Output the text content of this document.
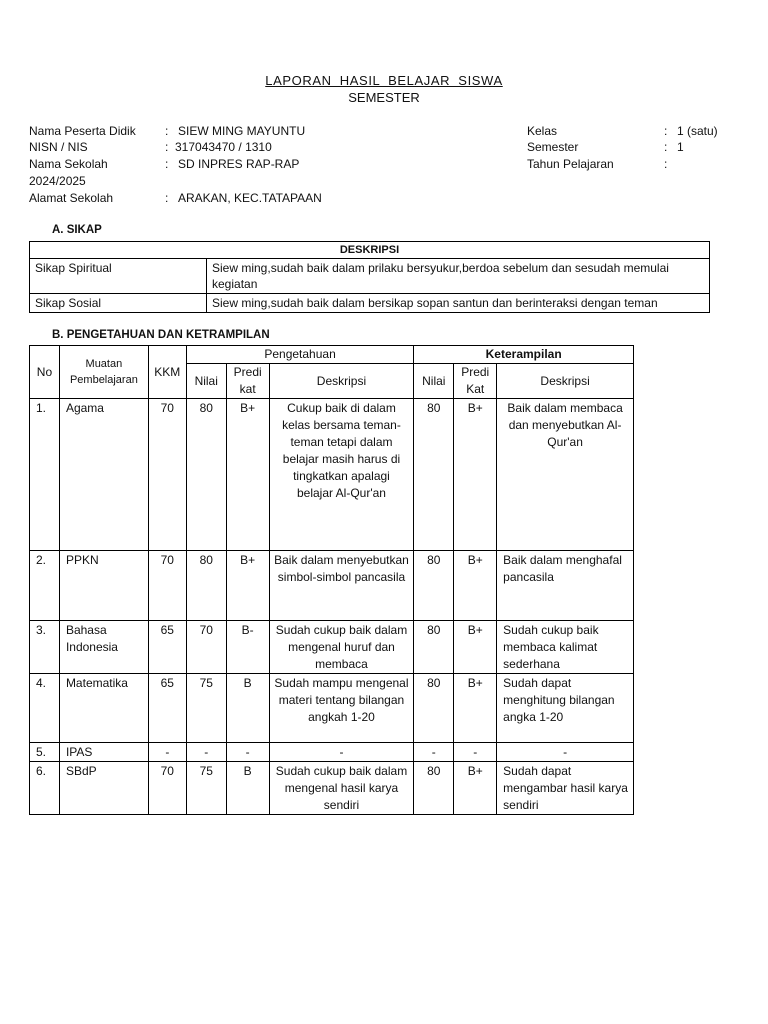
LAPORAN HASIL BELAJAR SISWA
SEMESTER
Nama Peserta Didik : SIEW MING MAYUNTU
NISN / NIS	: 317043470 / 1310
Nama Sekolah	: SD INPRES RAP-RAP
2024/2025
Alamat Sekolah	: ARAKAN, KEC.TATAPAAN
Kelas	: 1 (satu)
Semester	: 1
Tahun Pelajaran	:
A. SIKAP
DESKRIPSI	
Sikap Spiritual	Siew ming,sudah baik dalam prilaku bersyukur,berdoa sebelum dan sesudah memulai kegiatan
Sikap Sosial	Siew ming,sudah baik dalam bersikap sopan santun dan berinteraksi dengan teman
B. PENGETAHUAN DAN KETRAMPILAN
No	Muatan Pembelajaran	KKM	Pengetahuan			Keterampilan		
			Nilai	Predi kat	Deskripsi	Nilai	Predi Kat	Deskripsi
1.	Agama	70	80	B+	Cukup baik di dalam kelas bersama teman-teman tetapi dalam belajar masih harus di tingkatkan apalagi belajar Al-Qur'an	80	B+	Baik dalam membaca dan menyebutkan Al-Qur'an
2.	PPKN	70	80	B+	Baik dalam menyebutkan simbol-simbol pancasila	80	B+	Baik dalam menghafal pancasila
3.	Bahasa Indonesia	65	70	B-	Sudah cukup baik dalam mengenal huruf dan membaca	80	B+	Sudah cukup baik membaca kalimat sederhana
4.	Matematika	65	75	B	Sudah mampu mengenal materi tentang bilangan angkah 1-20	80	B+	Sudah dapat menghitung bilangan angka 1-20
5.	IPAS	-	-	-	-	-	-	-
6.	SBdP	70	75	B	Sudah cukup baik dalam mengenal hasil karya sendiri	80	B+	Sudah dapat mengambar hasil karya sendiri
